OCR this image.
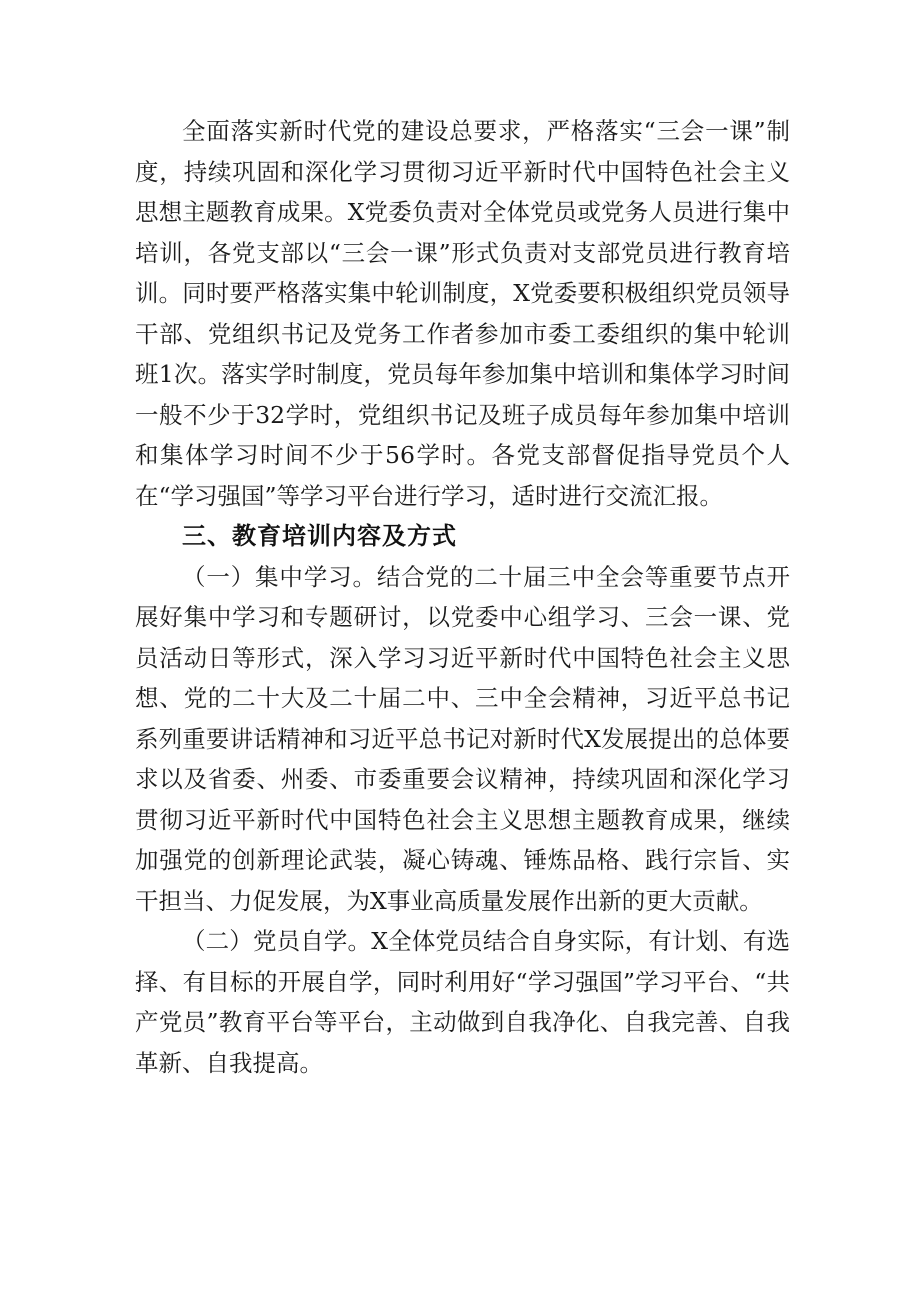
全面落实新时代党的建设总要求，严格落实“三会一课”制度，持续巩固和深化学习贯彻习近平新时代中国特色社会主义思想主题教育成果。X党委负责对全体党员或党务人员进行集中培训，各党支部以“三会一课”形式负责对支部党员进行教育培训。同时要严格落实集中轮训制度，X党委要积极组织党员领导干部、党组织书记及党务工作者参加市委工委组织的集中轮训班1次。落实学时制度，党员每年参加集中培训和集体学习时间一般不少于32学时，党组织书记及班子成员每年参加集中培训和集体学习时间不少于56学时。各党支部督促指导党员个人在“学习强国”等学习平台进行学习，适时进行交流汇报。

三、教育培训内容及方式

（一）集中学习。结合党的二十届三中全会等重要节点开展好集中学习和专题研讨，以党委中心组学习、三会一课、党员活动日等形式，深入学习习近平新时代中国特色社会主义思想、党的二十大及二十届二中、三中全会精神，习近平总书记系列重要讲话精神和习近平总书记对新时代X发展提出的总体要求以及省委、州委、市委重要会议精神，持续巩固和深化学习贯彻习近平新时代中国特色社会主义思想主题教育成果，继续加强党的创新理论武装，凝心铸魂、锤炼品格、践行宗旨、实干担当、力促发展，为X事业高质量发展作出新的更大贡献。

（二）党员自学。X全体党员结合自身实际，有计划、有选择、有目标的开展自学，同时利用好“学习强国”学习平台、“共产党员”教育平台等平台，主动做到自我净化、自我完善、自我革新、自我提高。
